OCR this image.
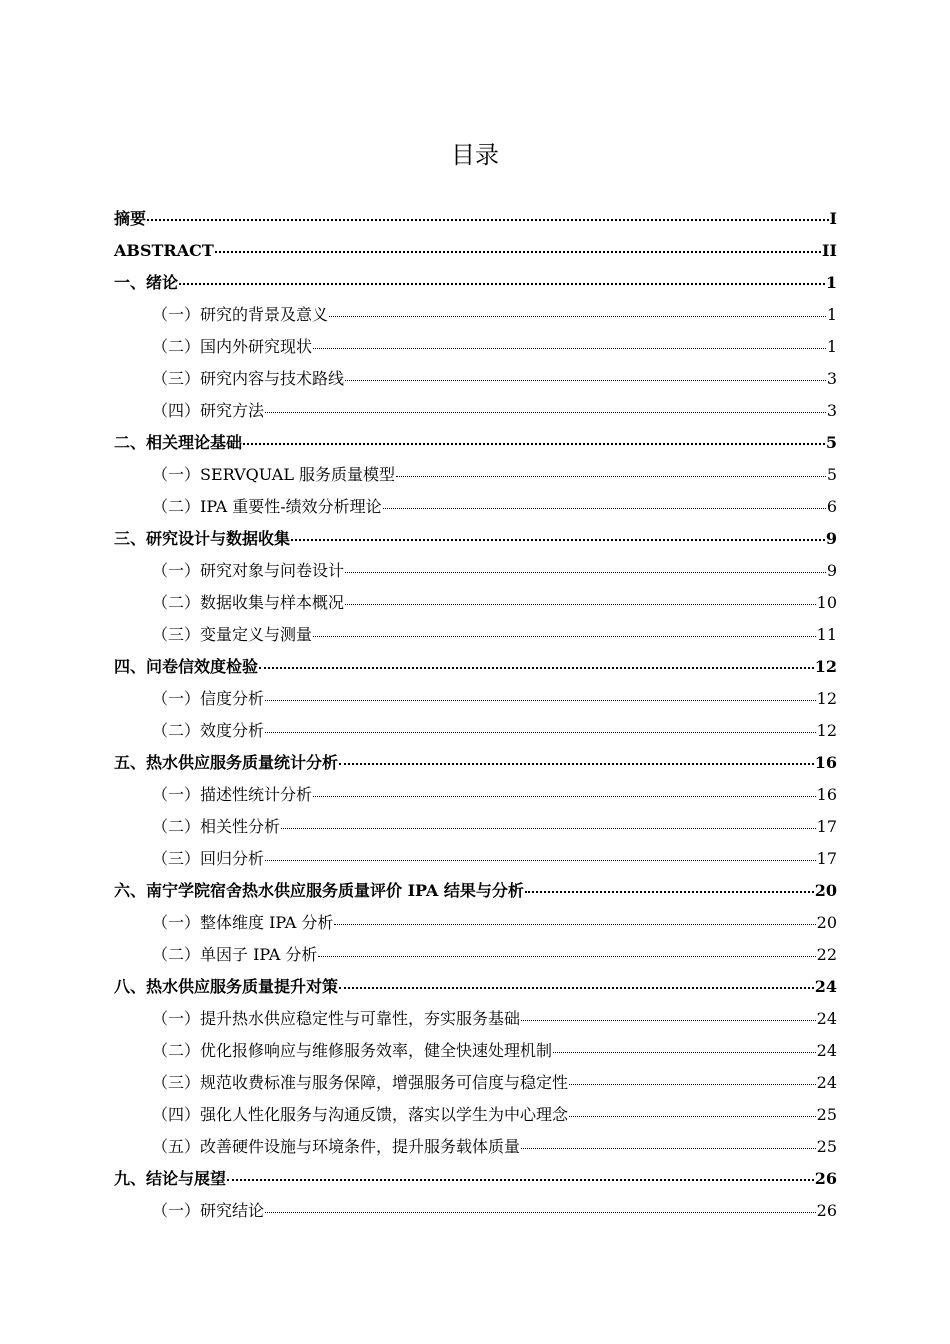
目录
摘要	I
ABSTRACT	II
一、绪论	1
（一）研究的背景及意义	1
（二）国内外研究现状	1
（三）研究内容与技术路线	3
（四）研究方法	3
二、相关理论基础	5
（一）SERVQUAL 服务质量模型	5
（二）IPA 重要性-绩效分析理论	6
三、研究设计与数据收集	9
（一）研究对象与问卷设计	9
（二）数据收集与样本概况	10
（三）变量定义与测量	11
四、问卷信效度检验	12
（一）信度分析	12
（二）效度分析	12
五、热水供应服务质量统计分析	16
（一）描述性统计分析	16
（二）相关性分析	17
（三）回归分析	17
六、南宁学院宿舍热水供应服务质量评价 IPA 结果与分析	20
（一）整体维度 IPA 分析	20
（二）单因子 IPA 分析	22
八、热水供应服务质量提升对策	24
（一）提升热水供应稳定性与可靠性，夯实服务基础	24
（二）优化报修响应与维修服务效率，健全快速处理机制	24
（三）规范收费标准与服务保障，增强服务可信度与稳定性	24
（四）强化人性化服务与沟通反馈，落实以学生为中心理念	25
（五）改善硬件设施与环境条件，提升服务载体质量	25
九、结论与展望	26
（一）研究结论	26
